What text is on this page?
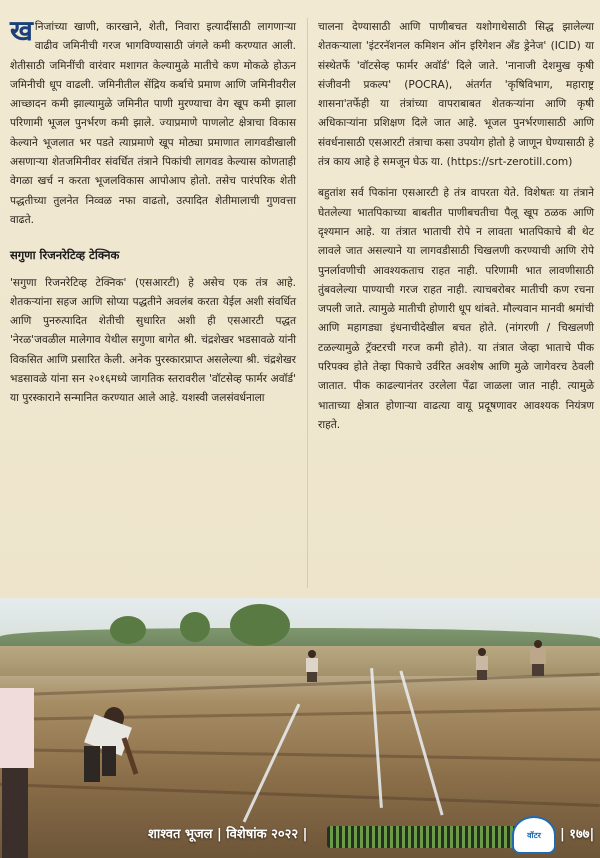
खनिजांच्या खाणी, कारखाने, शेती, निवारा इत्यादींसाठी लागणाऱ्या वाढीव जमिनीची गरज भागविण्यासाठी जंगले कमी करण्यात आली. शेतीसाठी जमिनींची वारंवार मशागत केल्यामुळे मातीचे कण मोकळे होऊन जमिनीची धूप वाढली. जमिनीतील सेंद्रिय कर्बाचे प्रमाण आणि जमिनीवरील आच्छादन कमी झाल्यामुळे जमिनीत पाणी मुरण्याचा वेग खूप कमी झाला परिणामी भूजल पुनर्भरण कमी झाले. ज्याप्रमाणे पाणलोट क्षेत्राचा विकास केल्याने भूजलात भर पडते त्याप्रमाणे खूप मोठ्या प्रमाणात लागवडीखाली असणाऱ्या शेतजमिनीवर संवर्धित तंत्राने पिकांची लागवड केल्यास कोणताही वेगळा खर्च न करता भूजलविकास आपोआप होतो. तसेच पारंपरिक शेती पद्धतीच्या तुलनेत निव्वळ नफा वाढतो, उत्पादित शेतीमालाची गुणवत्ता वाढते.

सगुणा रिजनरेटिव्ह टेक्निक

'सगुणा रिजनरेटिव्ह टेक्निक' (एसआरटी) हे असेच एक तंत्र आहे. शेतकऱ्यांना सहज आणि सोप्या पद्धतीने अवलंब करता येईल अशी संवर्धित आणि पुनरुत्पादित शेतीची सुधारित अशी ही एसआरटी पद्धत 'नेरळ'जवळील मालेगाव येथील सगुणा बागेत श्री. चंद्रशेखर भडसावळे यांनी विकसित आणि प्रसारित केली. अनेक पुरस्कारप्राप्त असलेल्या श्री. चंद्रशेखर भडसावळे यांना सन २०१६मध्ये जागतिक स्तरावरील 'वॉटसेव्ह फार्मर अवॉर्ड' या पुरस्काराने सन्मानित करण्यात आले आहे. यशस्वी जलसंवर्धनाला

चालना देण्यासाठी आणि पाणीबचत यशोगाथेसाठी सिद्ध झालेल्या शेतकऱ्याला 'इंटरनॅशनल कमिशन ऑन इरिगेशन अँड ड्रेनेज' (ICID) या संस्थेतर्फे 'वॉटसेव्ह फार्मर अवॉर्ड' दिले जाते. 'नानाजी देशमुख कृषी संजीवनी प्रकल्प' (POCRA), अंतर्गत 'कृषिविभाग, महाराष्ट्र शासना'तर्फेही या तंत्रांच्या वापराबाबत शेतकऱ्यांना आणि कृषी अधिकाऱ्यांना प्रशिक्षण दिले जात आहे. भूजल पुनर्भरणासाठी आणि संवर्धनासाठी एसआरटी तंत्राचा कसा उपयोग होतो हे जाणून घेण्यासाठी हे तंत्र काय आहे हे समजून घेऊ या. (https://srt-zerotill.com)

बहुतांश सर्व पिकांना एसआरटी हे तंत्र वापरता येते. विशेषतः या तंत्राने घेतलेल्या भातपिकाच्या बाबतीत पाणीबचतीचा पैलू खूप ठळक आणि दृश्यमान आहे. या तंत्रात भाताची रोपे न लावता भातपिकाचे बी थेट लावले जात असल्याने या लागवडीसाठी चिखलणी करण्याची आणि रोपे पुनर्लावणीची आवश्यकताच राहत नाही. परिणामी भात लावणीसाठी तुंबवलेल्या पाण्याची गरज राहत नाही. त्याचबरोबर मातीची कण रचना जपली जाते. त्यामुळे मातीची होणारी धूप थांबते. मौल्यवान मानवी श्रमांची आणि महागड्या इंधनाचीदेखील बचत होते. (नांगरणी / चिखलणी टळल्यामुळे ट्रॅक्टरची गरज कमी होते). या तंत्रात जेव्हा भाताचे पीक परिपक्व होते तेव्हा पिकाचे उर्वरित अवशेष आणि मुळे जागेवरच ठेवली जातात. पीक काढल्यानंतर उरलेला पेंढा जाळला जात नाही. त्यामुळे भाताच्या क्षेत्रात होणाऱ्या वाढत्या वायू प्रदूषणावर आवश्यक नियंत्रण राहते.

शाश्वत भूजल | विशेषांक २०२२ |	वॉटर | १७७|
